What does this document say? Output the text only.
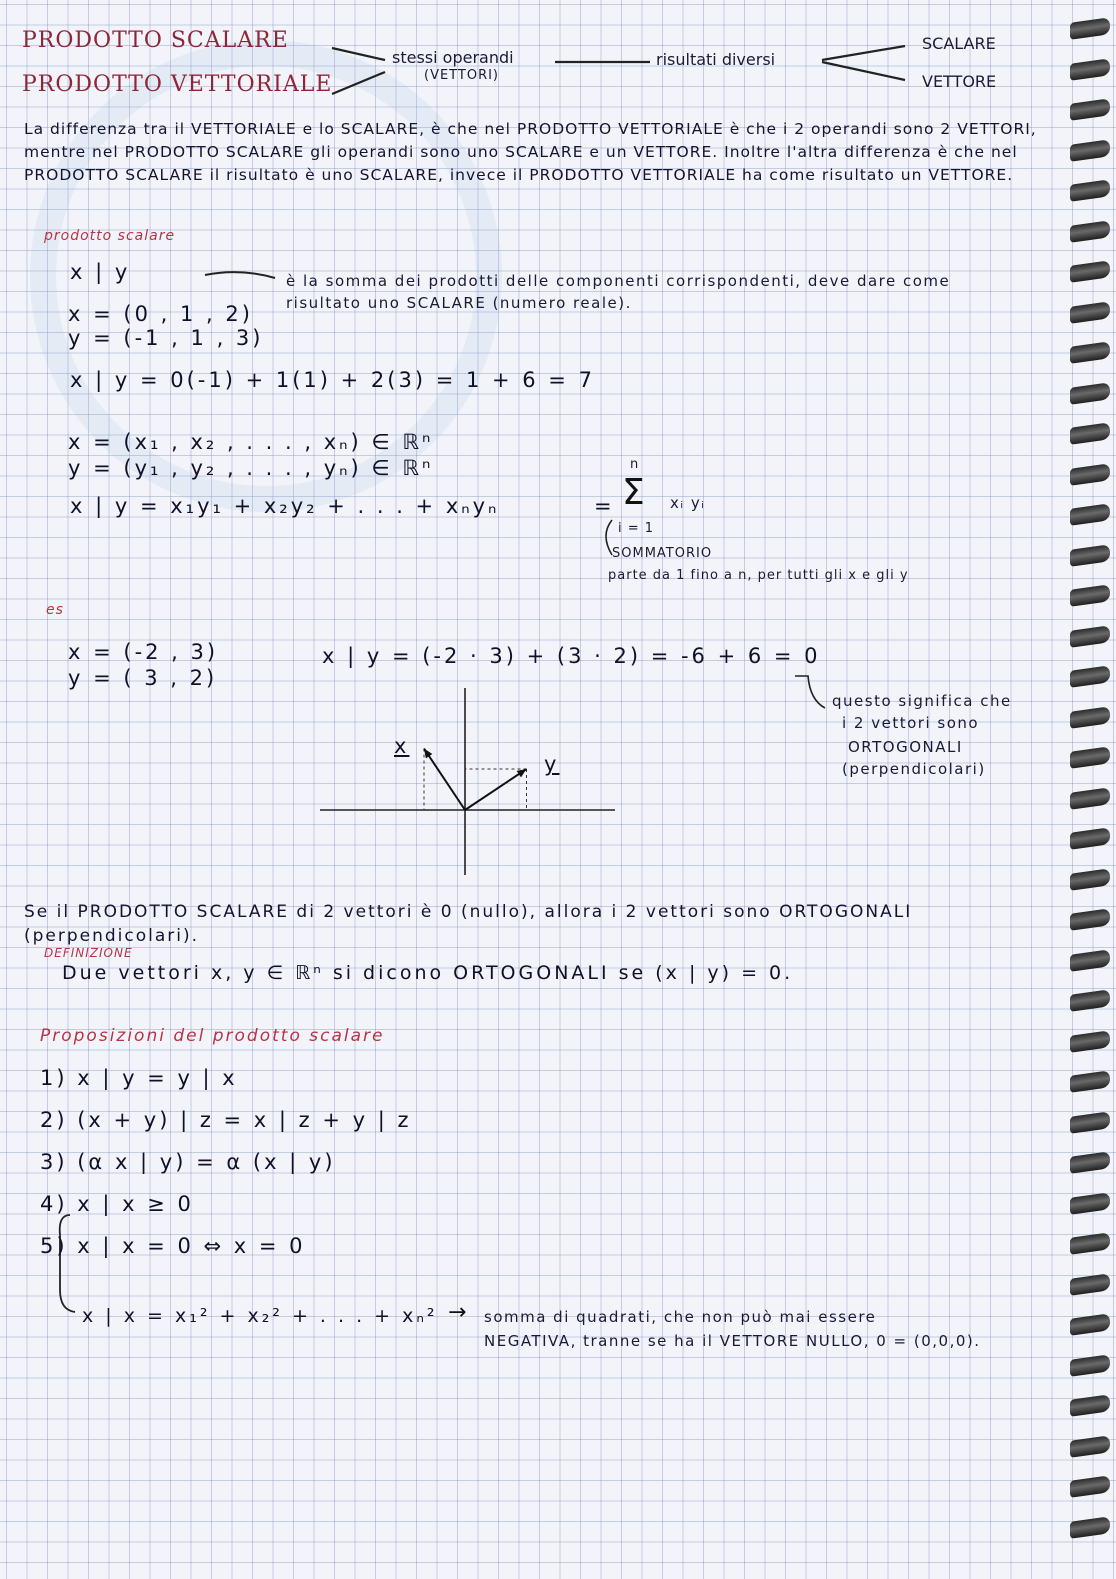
PRODOTTO SCALARE
PRODOTTO VETTORIALE
stessi operandi
(VETTORI)
risultati diversi
SCALARE
VETTORE
La differenza tra il VETTORIALE e lo SCALARE, è che nel PRODOTTO VETTORIALE è che i 2 operandi sono 2 VETTORI, mentre nel PRODOTTO SCALARE gli operandi sono uno SCALARE e un VETTORE. Inoltre l'altra differenza è che nel PRODOTTO SCALARE il risultato è uno SCALARE, invece il PRODOTTO VETTORIALE ha come risultato un VETTORE.
prodotto scalare
x | y	è la somma dei prodotti delle componenti corrispondenti, deve dare come risultato uno SCALARE (numero reale).
x = (0 , 1 , 2)
y = (-1 , 1 , 3)
x | y = 0(-1) + 1(1) + 2(3) = 1 + 6 = 7
x = (x₁ , x₂ , . . . , xₙ) ∈ ℝⁿ
y = (y₁ , y₂ , . . . , yₙ) ∈ ℝⁿ
x | y = x₁y₁ + x₂y₂ + . . . + xₙyₙ	= Σ
n
i = 1
xᵢ yᵢ
SOMMATORIO
parte da 1 fino a n, per tutti gli x e gli y
es
x = (-2 , 3)
y = ( 3 , 2)
x | y = (-2 · 3) + (3 · 2) = -6 + 6 = 0
questo significa che
i 2 vettori sono
ORTOGONALI
(perpendicolari)
x
y
Se il PRODOTTO SCALARE di 2 vettori è 0 (nullo), allora i 2 vettori sono ORTOGONALI (perpendicolari).
DEFINIZIONE
Due vettori x, y ∈ ℝⁿ si dicono ORTOGONALI se (x | y) = 0.
Proposizioni del prodotto scalare
1) x | y = y | x
2) (x + y) | z = x | z + y | z
3) (α x | y) = α (x | y)
4) x | x ≥ 0
5) x | x = 0 ⇔ x = 0
x | x = x₁² + x₂² + . . . + xₙ² → somma di quadrati, che non può mai essere
NEGATIVA, tranne se ha il VETTORE NULLO, 0 = (0,0,0).
